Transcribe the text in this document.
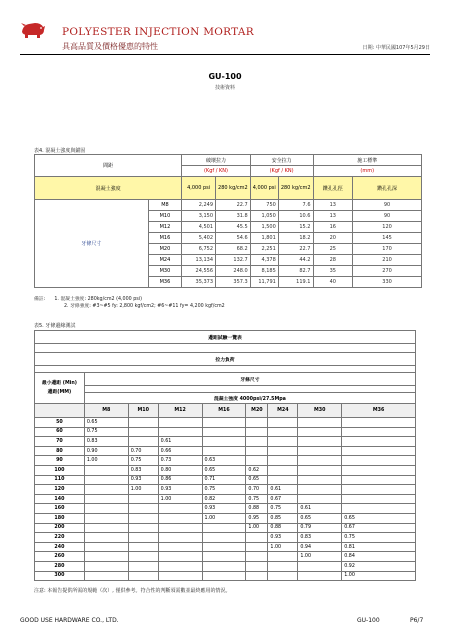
POLYESTER INJECTION MORTAR
具高品質及價格優惠的特性	日期: 中華民國107年5月29日
GU-100
技術資料
表4. 混凝土強度與錨固
間距		破壞拉力		安全拉力		施工標準	
		(Kgf / KN)		(Kgf / KN)		(mm)	
混凝土強度		4,000 psi	280 kg/cm2	4,000 psi	280 kg/cm2	鑽孔孔徑	鑽孔孔深
牙條尺寸	M8	2,249	22.7	750	7.6	13	90
	M10	3,150	31.8	1,050	10.6	13	90
	M12	4,501	45.5	1,500	15.2	16	120
	M16	5,402	54.6	1,801	18.2	20	145
	M20	6,752	68.2	2,251	22.7	25	170
	M24	13,134	132.7	4,378	44.2	28	210
	M30	24,556	248.0	8,185	82.7	35	270
	M36	35,373	357.3	11,791	119.1	40	330
備註: 1. 混凝土強度: 280kg/cm2 (4,000 psi)
2. 牙條強度: #3~#5 fy: 2,800 kgf/cm2; #6~#11 fy= 4,200 kgf/cm2
表5. 牙條邊緣測試
邊距試驗一覽表								

拉力負荷								

最小邊距 (Min)
邊距(MM)	牙條尺寸							

	混凝土強度 4000psi/27.5Mpa							
	M8	M10	M12	M16	M20	M24	M30	M36
50	0.65							
60	0.75							
70	0.83		0.61					
80	0.90	0.70	0.66					
90	1.00	0.75	0.73	0.63				
100		0.83	0.80	0.65	0.62			
110		0.93	0.86	0.71	0.65			
120		1.00	0.93	0.75	0.70	0.61		
140			1.00	0.82	0.75	0.67		
160				0.93	0.88	0.75	0.61	
180				1.00	0.95	0.85	0.65	0.65
200					1.00	0.88	0.79	0.67
220						0.93	0.83	0.75
240						1.00	0.94	0.81
260							1.00	0.84
280								0.92
300								1.00
注意: 本報告提供所需的規範（次）, 僅供參考。符合性的判斷須需數並最終應用的情況。
GOOD USE HARDWARE CO., LTD.	GU-100	P6/7
